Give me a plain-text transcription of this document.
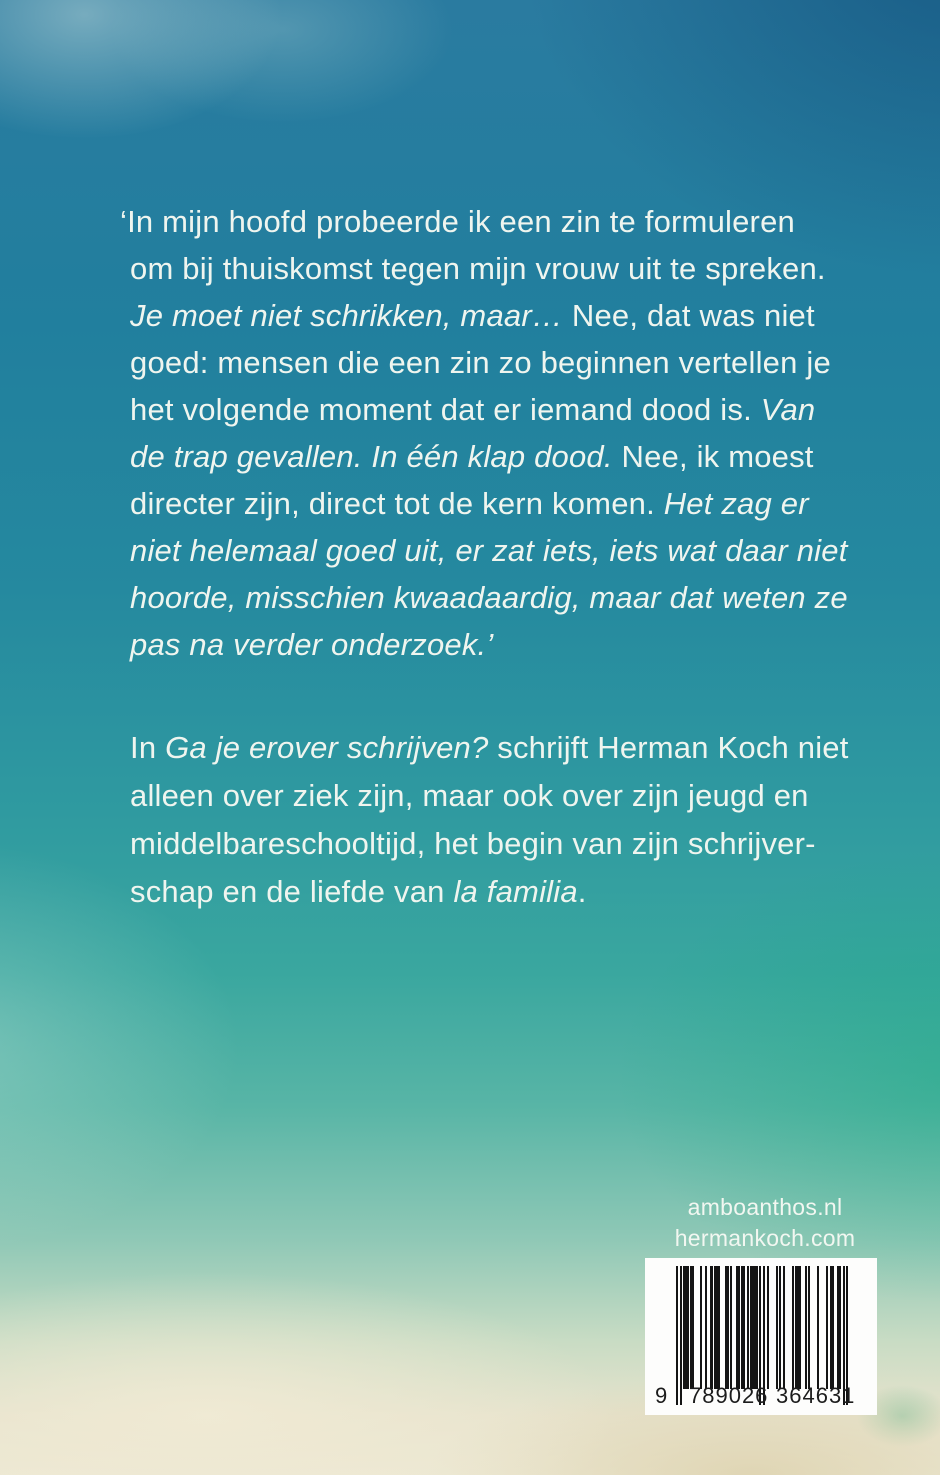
‘In mijn hoofd probeerde ik een zin te formuleren
om bij thuiskomst tegen mijn vrouw uit te spreken.
Je moet niet schrikken, maar… Nee, dat was niet
goed: mensen die een zin zo beginnen vertellen je
het volgende moment dat er iemand dood is. Van
de trap gevallen. In één klap dood. Nee, ik moest
directer zijn, direct tot de kern komen. Het zag er
niet helemaal goed uit, er zat iets, iets wat daar niet
hoorde, misschien kwaadaardig, maar dat weten ze
pas na verder onderzoek.’
In Ga je erover schrijven? schrijft Herman Koch niet
alleen over ziek zijn, maar ook over zijn jeugd en
middelbareschooltijd, het begin van zijn schrijver-
schap en de liefde van la familia.
amboanthos.nl
hermankoch.com
9 789026 364631
